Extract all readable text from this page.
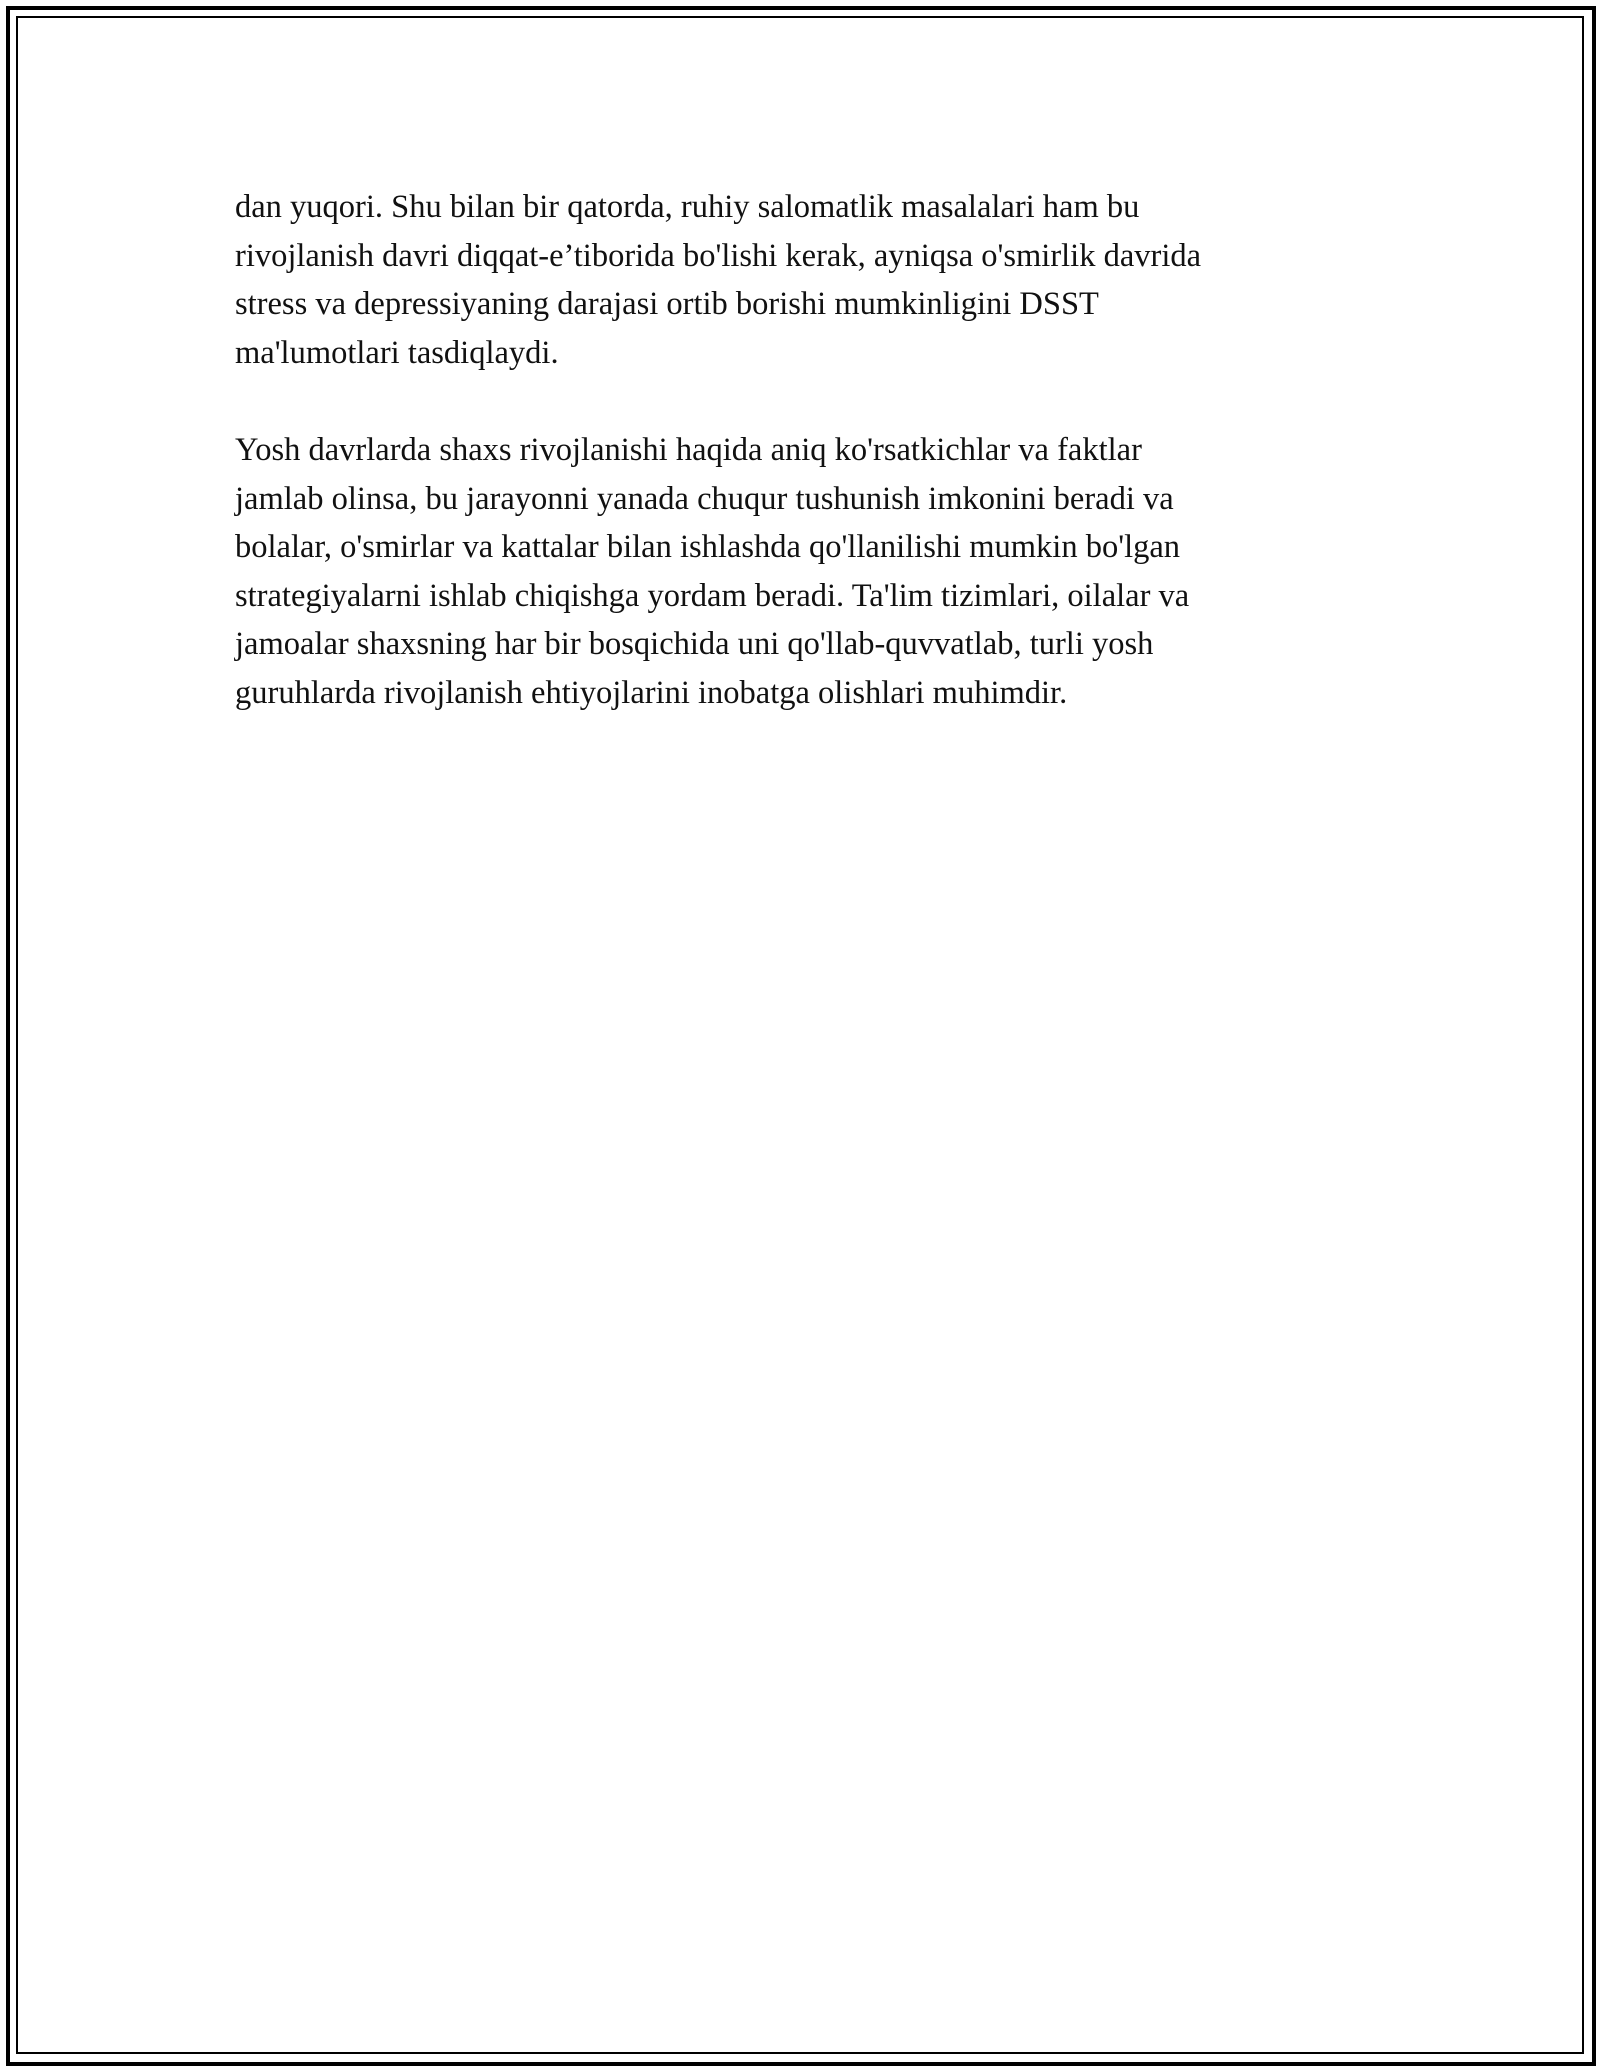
dan yuqori. Shu bilan bir qatorda, ruhiy salomatlik masalalari ham bu
rivojlanish davri diqqat-e’tiborida bo'lishi kerak, ayniqsa o'smirlik davrida
stress va depressiyaning darajasi ortib borishi mumkinligini DSST
ma'lumotlari tasdiqlaydi.

Yosh davrlarda shaxs rivojlanishi haqida aniq ko'rsatkichlar va faktlar
jamlab olinsa, bu jarayonni yanada chuqur tushunish imkonini beradi va
bolalar, o'smirlar va kattalar bilan ishlashda qo'llanilishi mumkin bo'lgan
strategiyalarni ishlab chiqishga yordam beradi. Ta'lim tizimlari, oilalar va
jamoalar shaxsning har bir bosqichida uni qo'llab-quvvatlab, turli yosh
guruhlarda rivojlanish ehtiyojlarini inobatga olishlari muhimdir.
